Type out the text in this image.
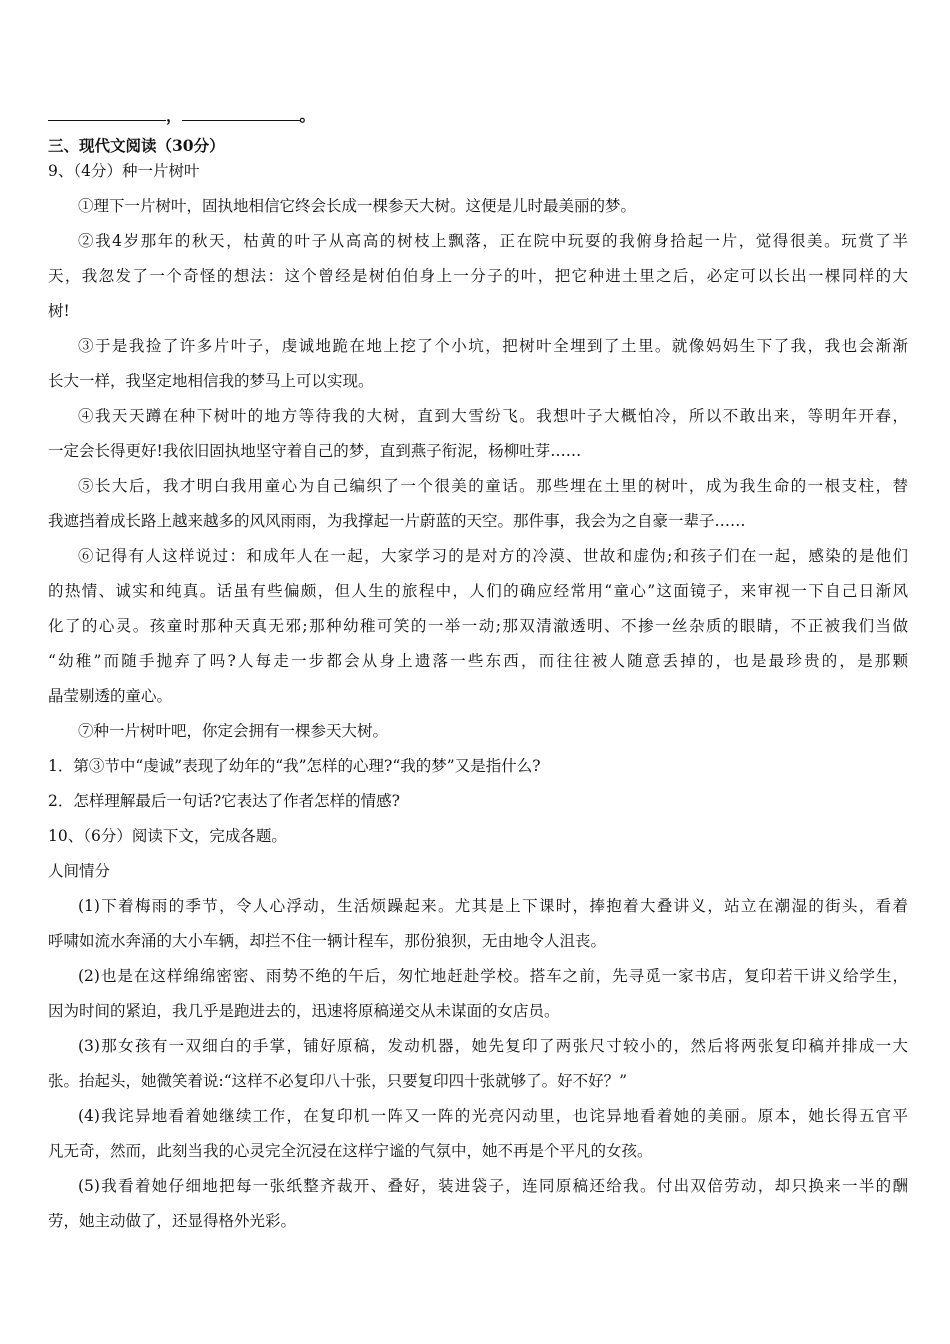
，	。
三、现代文阅读（30分）
9、（4分）种一片树叶
①理下一片树叶，固执地相信它终会长成一棵参天大树。这便是儿时最美丽的梦。
②我4岁那年的秋天，枯黄的叶子从高高的树枝上飘落，正在院中玩耍的我俯身拾起一片，觉得很美。玩赏了半
天，我忽发了一个奇怪的想法：这个曾经是树伯伯身上一分子的叶，把它种进土里之后，必定可以长出一棵同样的大
树!
③于是我捡了许多片叶子，虔诚地跪在地上挖了个小坑，把树叶全埋到了土里。就像妈妈生下了我，我也会渐渐
长大一样，我坚定地相信我的梦马上可以实现。
④我天天蹲在种下树叶的地方等待我的大树，直到大雪纷飞。我想叶子大概怕冷，所以不敢出来，等明年开春，
一定会长得更好!我依旧固执地坚守着自己的梦，直到燕子衔泥，杨柳吐芽……
⑤长大后，我才明白我用童心为自己编织了一个很美的童话。那些埋在土里的树叶，成为我生命的一根支柱，替
我遮挡着成长路上越来越多的风风雨雨，为我撑起一片蔚蓝的天空。那件事，我会为之自豪一辈子……
⑥记得有人这样说过：和成年人在一起，大家学习的是对方的冷漠、世故和虚伪;和孩子们在一起，感染的是他们
的热情、诚实和纯真。话虽有些偏颇，但人生的旅程中，人们的确应经常用“童心”这面镜子，来审视一下自己日渐风
化了的心灵。孩童时那种天真无邪;那种幼稚可笑的一举一动;那双清澈透明、不掺一丝杂质的眼睛，不正被我们当做
“幼稚”而随手抛弃了吗?人每走一步都会从身上遗落一些东西，而往往被人随意丢掉的，也是最珍贵的，是那颗
晶莹剔透的童心。
⑦种一片树叶吧，你定会拥有一棵参天大树。
1．第③节中“虔诚”表现了幼年的“我”怎样的心理?“我的梦”又是指什么?
2．怎样理解最后一句话?它表达了作者怎样的情感?
10、（6分）阅读下文，完成各题。
人间情分
(1)下着梅雨的季节，令人心浮动，生活烦躁起来。尤其是上下课时，捧抱着大叠讲义，站立在潮湿的街头，看着
呼啸如流水奔涌的大小车辆，却拦不住一辆计程车，那份狼狈，无由地令人沮丧。
(2)也是在这样绵绵密密、雨势不绝的午后，匆忙地赶赴学校。搭车之前，先寻觅一家书店，复印若干讲义给学生，
因为时间的紧迫，我几乎是跑进去的，迅速将原稿递交从未谋面的女店员。
(3)那女孩有一双细白的手掌，铺好原稿，发动机器，她先复印了两张尺寸较小的，然后将两张复印稿并排成一大
张。抬起头，她微笑着说:“这样不必复印八十张，只要复印四十张就够了。好不好？”
(4)我诧异地看着她继续工作，在复印机一阵又一阵的光亮闪动里，也诧异地看着她的美丽。原本，她长得五官平
凡无奇，然而，此刻当我的心灵完全沉浸在这样宁谧的气氛中，她不再是个平凡的女孩。
(5)我看着她仔细地把每一张纸整齐裁开、叠好，装进袋子，连同原稿还给我。付出双倍劳动，却只换来一半的酬
劳，她主动做了，还显得格外光彩。
